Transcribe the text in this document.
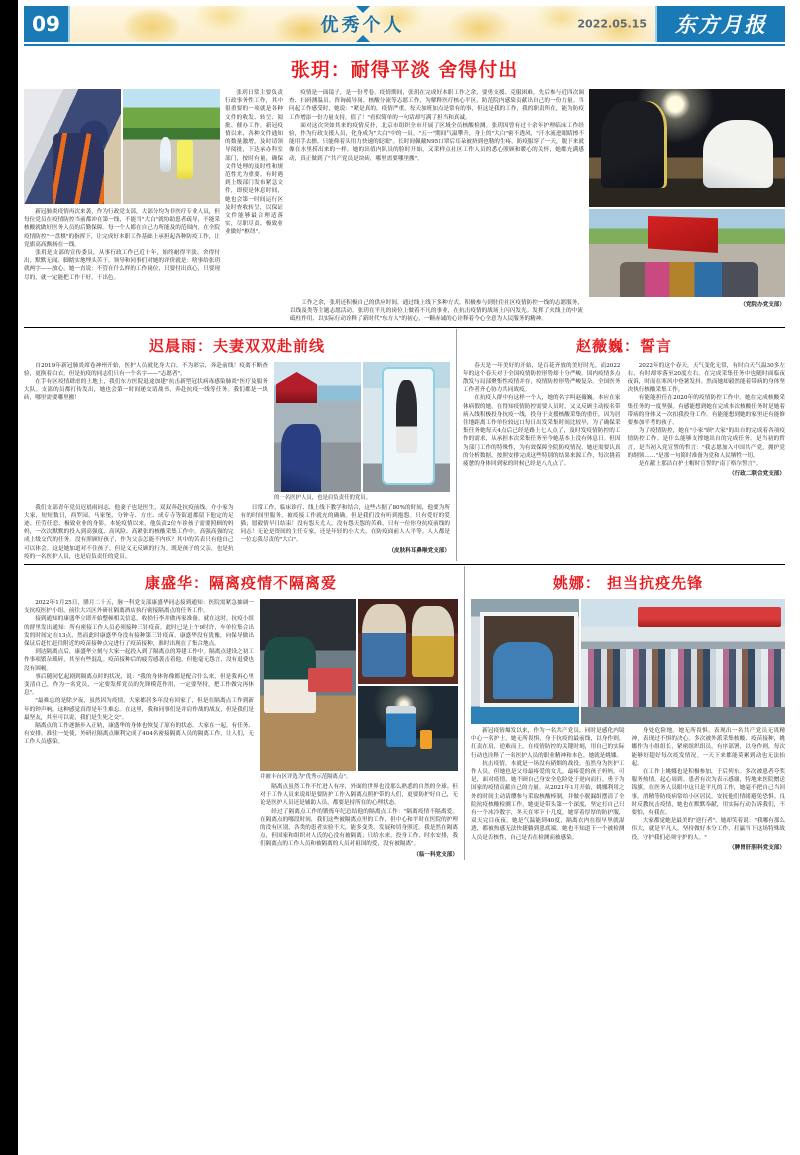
09	优秀个人	2022.05.15	东方月报
张玥：耐得平淡 舍得付出

新冠肺炎疫情再次来袭，作为行政党支部，大部分均为非医疗专业人员，但每位党员在疫情防控当前都冲在第一线，不能当"大白"就协助患者疏导，不能采核酸就做好医务人员的后勤保障。每一个人都在自己力所能及的范围内，在全院疫情防控"一盘棋"的指挥下，让完成好本职工作基础上承担起各种防疫工作，让党旗高高飘扬在一线。

张玥是支部的宣传委员，从事行政工作已近十年，始终耐得平淡、舍得付出，默默无闻、脚踏实地埋头苦干。领导和同事们对她的评价就是：啥事给张玥就两字——放心。她一直说：不管在什么样的工作岗位，只要付出真心，只要现尽的，就一定能把工作干好，干出色。

张玥日常主要负责行政事务性工作，其中很重要的一项就是各种文件的收发、转呈、阅批、催办工作。新冠疫情以来，各种文件通知的数量激增，及时请领导阅批，下达承办科室部门，按时有量，确保文件处理的及时性和规范性尤为重要。有时遇到上级部门发布紧急文件，即使是休息时间，她也会第一时间运行区及时查收转呈，以保证文件能够最合理适落实，尽职尽责、极致业业做好"枢纽"。

疫情是一面镜子，是一份考卷。疫情期间，张玥在完成好本职工作之余，要勇支援、克服困难，先后参与近四次调查、扫码测温员、咨询疏导岗、核酸分流等志愿工作，为解释医疗核心平区，防范院内感染贡献出自己的一份力量。当问起工作感受时，她说："紧是真的，疫情严重，每天加班加点是常有的事，但这是我的工作，我的职责所在，能为防疫工作增添一份力量支持，值了！"看似简单的一句话却写满了担当和真诚。

面对这次突如其来的疫情反扑，北京市组织全市开展了区域全员核酸检测。张玥因曾有过十余年护理临床工作经验，作为行政支援人员，化身成为"大白"中的一员。"五一"期间气温攀升，身上的"大白"密不透风，"汗水流进眼睛擦不能用手去擦，只能仰着头用力快速的眨眼"。长时间佩戴N95口罩后耳朵被挤到也勒的生疼，防疫服穿了一天，脱下来就像在水里捞出来的一样。她的出值内队员的脸时开始，又采样点社区工作人员的悉心照顾和暖心的关怀，她都充满感动，真正做到了"共产党员是块砖，哪里需要哪里搬"。

工作之余，张玥还积极自己的供应时间，通过线上线下多种方式，积极参与到驻住社区疫情防控一线的志愿服务，以线及类等主题志愿活动。张玥在平凡的岗位上做着不凡的事业，在抗击疫情的战场上闪闪发光。发挥了火线上的中流砥柱作用，以实际行动诠释了新时代"东方人"的初心，一颗赤诚的心诠释着今心全意为人民服务的精神。

（党院办党支部）
迟晨雨：夫妻双双赴前线

自2019年新冠肺炎席卷神州开始，医护人员就化身大白，不为彩宗，奔赴前线！疫离不断查验，更换着白衣，但是抗疫的同志们只有一个名字——"志愿者"。

在手有区疫情肆虐的土地上，我们东方医院退途加建"抗击新型冠状病毒感染肺炎"医疗及服务大队。支部的员都打传发出，她也会第一时间递交请战书，奔赴抗疫一线等任务。我们都是一块砖，哪里需要哪里搬！

的一名医护人员，也是肩负责任的党员。

我们支部青年党员迟晨雨同志，他妻子也是医生，双双奔赴抗疫前线。介小家为大家，短短数日，西罗园、马家堡、分钟寺、方庄、成专寺等街道都留下他定的足迹、任劳任恋、极致业业的身影。本轮疫情以来，他负责2位车诊孩子需要照顾的妈妈，一次次默默的投入到高强度、高风险、高紧张的核酸采集工作中。高强高强的完成上级交代的任务。没有照顾好孩子，作为父亲怎能不内疚？其中的苦表只有他自己可以体会。这是她加道对不住孩子，但是义无反顾的行为。既是孩子的父亲，也是抗疫的一名医护人员，也是肩负责任的党员。

日常工作、临床诊疗、线上线下教学和结合，这些占据了80%的时间，他要为所有的时间里服务，被疫接工作就充的确确。但是我们没有听到抱怨。只有爱好的爱猫；愿毅情早日结束！没有怨天尤人，没有怨天怨的苦难，只有一位你身抗疫前线的同志！无论是资间的主任专家，还是年轻的小大夫，在防疫面前人人平等。人人都是一位忘我尽责的"大白"。

（皮肤科耳鼻喉党支部）
赵薇巍：誓言

春天是一年美好的开始，是百花齐放的美好时光。而2022年的这个春天对于全国疫情防控形势却十分严峻。国内疫情多点散发与局部聚集性疫情并存，疫情防控形势严峻复杂。全国医务工作者齐心协力共同战疫。

在抗疫人群中有这样一个人，她的名字叫赵薇巍。本应在家休病假的她，在得知疫情防控需要人员时，又义反顾主动报名带病入线积极投身抗疫一线，投身于支援核酸采集的重任。因为居住地距离工作单位较远口每日出发采集时间比较早，为了确保采集任务她每天4点后已经是路上七人点了，及时发疫情防控的工作的需求，从承担本次采集任务至今她基本上没有休息日。但因为部门工作的特殊性，为有效保障全院防疫情况，她还需要认真的分析数据，按照安排完成这些特别的结果来源工作，每次挑着疲惫的身体回到家的时候已经是八九点了。

2022年的这个春天，天气变化无常，有时白天气温30多左右，有时却零落至20度左右。在完成采集任务中也随时面临夜夜诉，时而在寒风中登薯发抖。然而她却毅然能着带病的身体坚决执行核酸采集工作。

有能能担任在2020年的疫情防控工作中。她在完成核酸采集任务的一度坚强。有感能想到她在完成本次核酸任务时是她着带病的身体又一次扣我投身工作。有能能想到她的家里还有能修要参加半考的孩子。

为了疫情防控，她在"小家"顾"大家"的出自的完成着各项疫情防控工作。是什么能够支撑她出自的完成任务。是当初的哲言，是当初入党宣誓的哲言："我志愿加入中国共产党，拥护党的纲领……"是那一句简时准备为党和人民牺牲一切。

是在献上那洁白护士帽时宣誓的"南丁格尔誓言"。

（行政二联合党支部）
康盛华：隔离疫情不隔离爱

2022年1月25日，腊月二十五，脉一科党支部康盛华同志接到通知：医院需紧急抽调一支抗疫医护小组，前往大兴区外研社隔离酒店执行密接隔离点的任务工作。

接到通知的康盛华立即开始整顿相关信息，收拾行李并做再家准备。就在这时，抗疫小组的群里发出通知：所有密接工作人员必须接种三针疫苗。此时已是上午9时许，车单位集合出发的时间定在13点，然而此时康盛华身没有接种第三针疫苗。康盛华没有犹豫，向保导做出保证后赶忙赶往附近的疫苗接种点完进行了疫苗接种，准时出现在了集合地点。

到达隔离点后，康盛华立刻与大家一起投入到了隔离点的筹建工作中。隔离点建设之初工作事项繁杂琐碎，其至有些混乱。疫苗接种后的疲劳感袭击着他，但他毫无怨言，没有退费也没有困顿。

事后随同忆起剧到隔离点时的状况，说："我的身体你像都是配合什么来，但是我再心里变清自己，作为一名党员，一定要发挥党员的先锋模范作用，一定要坚持，把工作做完再休息"。

"最难忘的是除夕夜，虽然因为疫情，大家都居多年没有回家了，但是在隔离点工作到新年的钟声响，这种感觉真得是年生难忘。在这里，我和同事们是并肩作战的战友，但是我们是最坚友，其至可以说，我们是生死之交"。

隔离点的工作逐渐步入正轨，康盛华的身体也恢复了原有的状态。大家在一起，有任务、有安排、准往一处使，外研社隔离点顺利完成了404名密接隔离人员的隔离工作，让人们，无工作人员感染。

并被丰台区评选为"优秀示范隔离点"。

隔离点虽然工作不忙进人有序，外面的世界也没那么熟悉的自然的全球。但对于工作人员来说却是要防护工作入隔离点照护带的人们，更要防护好自己，无论是医护人员还是辅助人员，都要是持所在的心理状态。

经过了隔离点工作的锻炼年纪总结他的隔离点工作："隔离疫情不隔离爱。在隔离点的哪段时间，我们这些被隔离点里的工作，但中心和平时在医院的护理的没有区别，各类的患者实验不大，能多变类、发展和切身照近。我是然在隔离点，但国家和组织对人氏的心没有被隔离；只给水来，投身工作、时水安排，我们隔离点的工作人员和被隔离的人员对祖国的爱，没有被隔离"。

（临一科党支部）
姚娜： 担当抗疫先锋

新冠疫情爆发以来，作为一名共产党员，同时是感化内镜中心一名护士，她无所畏惧，身于抗疫的最前线，以身作则，扛责在肩，逆难而上。在疫情防控的关键时刻，用自己的实际行动也诠释了一名医护人员的职业精神和本色。她就是姚娜。

抗击疫情，本就是一场没有硝烟的战役。虽然身为医护工作人员，但她也是父母最疼爱的女儿，最疼爱的孩子妈妈。可是，面对疫情，她不顾自己身安全危险处于逆向而行。勇于为国家的疫情贡献自己的力量。从2021年1月开始，姚娜利用之外的时间主动请缨参与采取核酸棒制，并做小脱漏组摆清了全院抗疫核酸检测工作，她更是带头第一个深度，坚定打自己只有一个冰冷数字，冬天在零下十几度，她穿着厚厚的防护服，双天完目夜夜，她是气温能到40度，隔离衣内在很早里就湿透，都被热感无法快捷躺到患底端。她也不知道下一个被检测人员是否核性，自己是否在检测而被感染。

身处危险地。她无所畏惧。表现出一名共产党员无畏精神，表现过不惧的决心。多次被外派采集核酸、疫苗接种，姚娜作为小组组长，紧密组织组员，有序部署，以身作则，每次能够好超好每次疫发情况。一天下来都能莫累到动也无法抬起。

在工作上姚娜也是积极参加，于后列东。多次被患者夸奖服务热情。起心周到。患者有次为表示感谢，特地来医院赠送锦旗。在医务人员眼中这只是平凡的工作，她毫不把自己当回事。消精等防疫病常给小区居民，安抚他们情绪避免恐惧。良时反教抗击疫情，她也在默默奉献，用实际行动告诉我们，不要怕，有我在。

大家都觉她是最美的"逆行者"。她却笑着说："我哪有那么伟大，就是平凡人。坚持做好本分工作，打赢当下这场特殊战役，守护我们必须守护的人。"

（脾胃肝胆科党支部）
